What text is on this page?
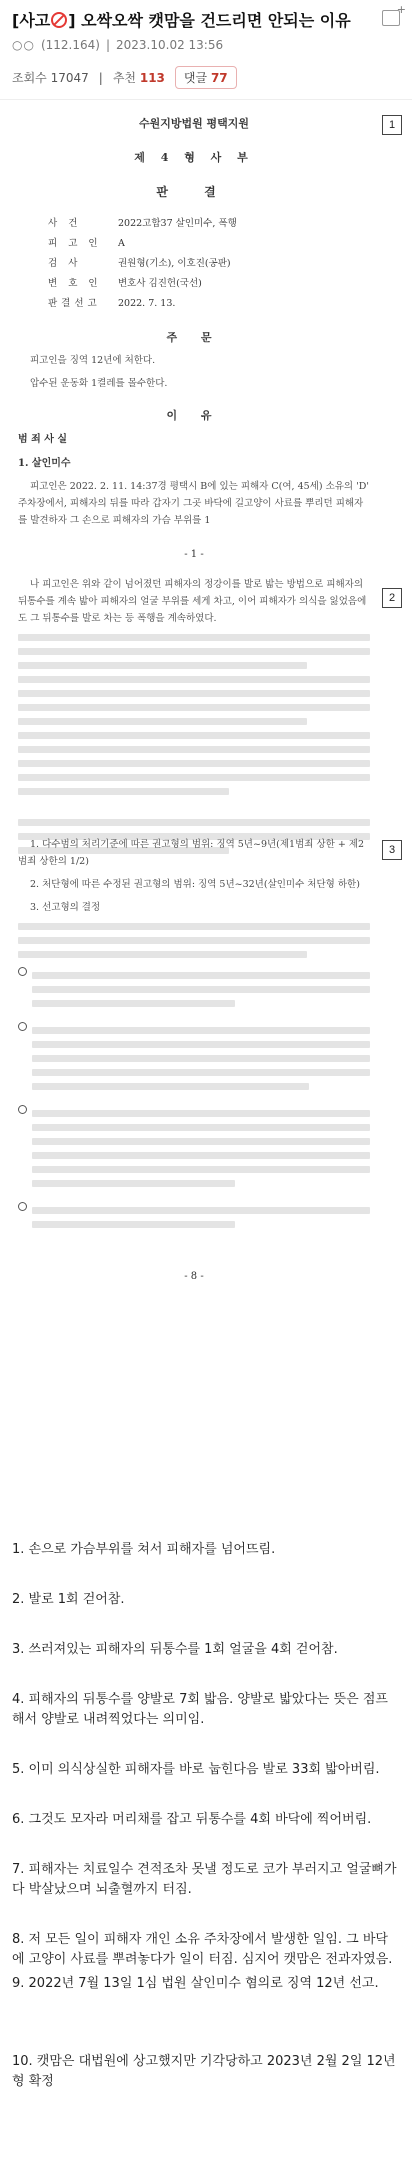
[사고 ] 오싹오싹 캣맘을 건드리면 안되는 이유
+
○○ (112.164) | 2023.10.02 13:56
조회수 17047 | 추천 113	댓글 77
1
수원지방법원 평택지원
제 4 형 사 부
판 결
사 건	2022고합37 살인미수, 폭행
피 고 인	A
검 사	권원형(기소), 이호진(공판)
변 호 인	변호사 김진헌(국선)
판결선고	2022. 7. 13.
주 문
피고인을 징역 12년에 처한다.
압수된 운동화 1켤레를 몰수한다.
이 유
범 죄 사 실
1. 살인미수
피고인은 2022. 2. 11. 14:37경 평택시 B에 있는 피해자 C(여, 45세) 소유의 'D' 주차장에서, 피해자의 뒤를 따라 갑자기 그곳 바닥에 길고양이 사료를 뿌리던 피해자를 발견하자 그 손으로 피해자의 가슴 부위를 1
- 1 -
2
나 피고인은 위와 같이 넘어졌던 피해자의 정강이를 발로 밟는 방법으로 피해자의 뒤통수를 계속 밟아 피해자의 얼굴 부위를 세게 차고, 이어 피해자가 의식을 잃었음에도 그 뒤통수를 발로 차는 등 폭행을 계속하였다.
3
1. 다수범의 처리기준에 따른 권고형의 범위: 징역 5년~9년(제1범죄 상한 + 제2범죄 상한의 1/2)
2. 처단형에 따른 수정된 권고형의 범위: 징역 5년~32년(살인미수 처단형 하한)
3. 선고형의 결정
- 8 -
1. 손으로 가슴부위를 쳐서 피해자를 넘어뜨림.
2. 발로 1회 걷어참.
3. 쓰러져있는 피해자의 뒤통수를 1회 얼굴을 4회 걷어참.
4. 피해자의 뒤통수를 양발로 7회 밟음. 양발로 밟았다는 뜻은 점프해서 양발로 내려찍었다는 의미임.
5. 이미 의식상실한 피해자를 바로 눕힌다음 발로 33회 밟아버림.
6. 그것도 모자라 머리채를 잡고 뒤통수를 4회 바닥에 찍어버림.
7. 피해자는 치료일수 견적조차 못낼 정도로 코가 부러지고 얼굴뼈가 다 박살났으며 뇌출혈까지 터짐.
8. 저 모든 일이 피해자 개인 소유 주차장에서 발생한 일임. 그 바닥에 고양이 사료를 뿌려놓다가 일이 터짐. 심지어 캣맘은 전과자였음.
9. 2022년 7월 13일 1심 법원 살인미수 혐의로 징역 12년 선고.
10. 캣맘은 대법원에 상고했지만 기각당하고 2023년 2월 2일 12년형 확정
